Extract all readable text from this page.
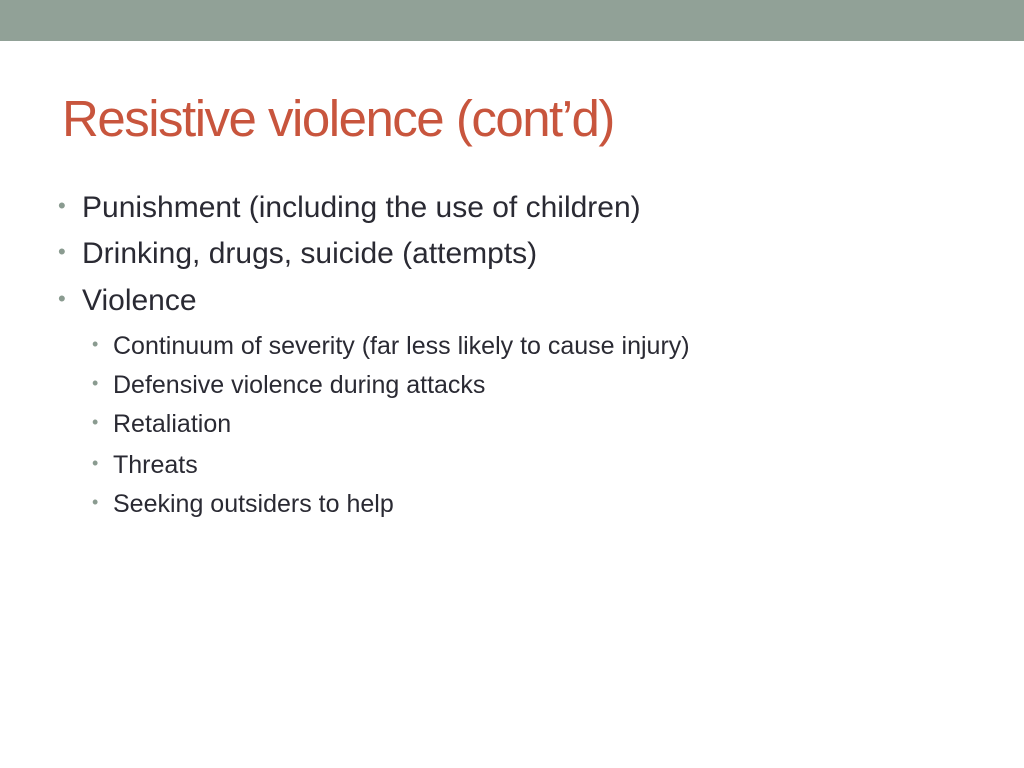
Resistive violence (cont’d)
• Punishment (including the use of children)
• Drinking, drugs, suicide (attempts)
• Violence
• Continuum of severity (far less likely to cause injury)
• Defensive violence during attacks
• Retaliation
• Threats
• Seeking outsiders to help
